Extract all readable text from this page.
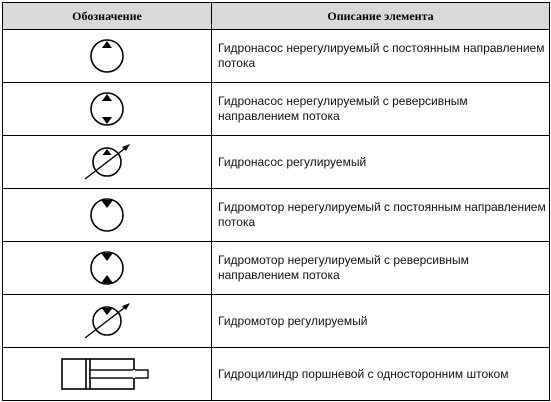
Обозначение	Описание элемента

	Гидронасос нерегулируемый с постоянным направлением потока

	Гидронасос нерегулируемый с реверсивным направлением потока

	Гидронасос регулируемый

	Гидромотор нерегулируемый с постоянным направлением потока

	Гидромотор нерегулируемый с реверсивным направлением потока

	Гидромотор регулируемый

	Гидроцилиндр поршневой с односторонним штоком
